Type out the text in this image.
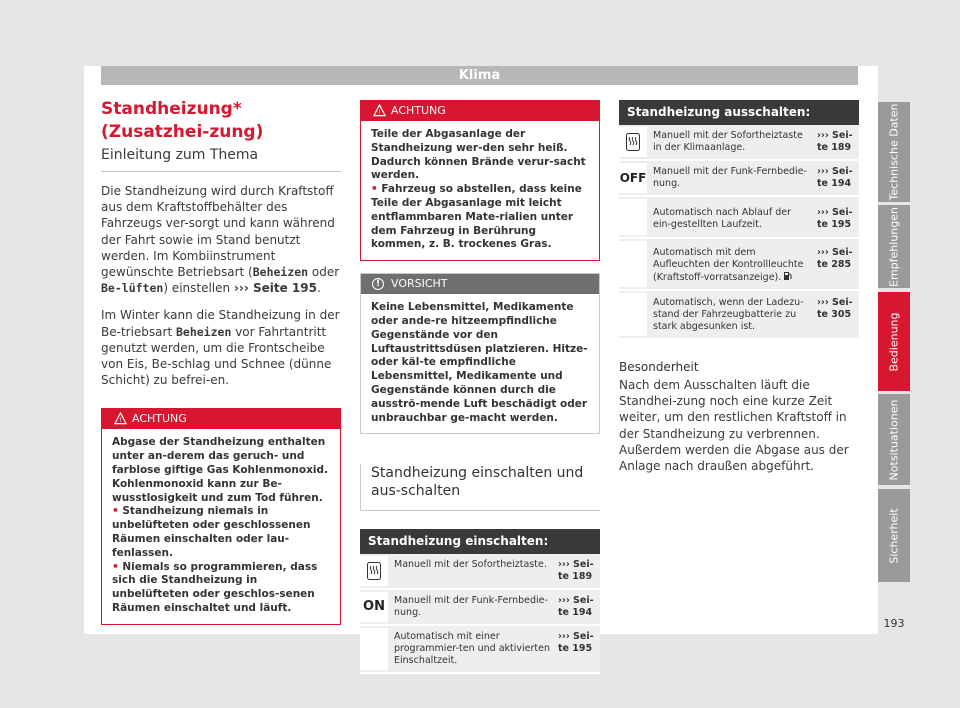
Klima
Standheizung* (Zusatzhei-zung)
Einleitung zum Thema

Die Standheizung wird durch Kraftstoff aus dem Kraftstoffbehälter des Fahrzeugs ver-sorgt und kann während der Fahrt sowie im Stand benutzt werden. Im Kombiinstrument gewünschte Betriebsart (Beheizen oder Be-lüften) einstellen ››› Seite 195.

Im Winter kann die Standheizung in der Be-triebsart Beheizen vor Fahrtantritt genutzt werden, um die Frontscheibe von Eis, Be-schlag und Schnee (dünne Schicht) zu befrei-en.

! ACHTUNG
Abgase der Standheizung enthalten unter an-derem das geruch- und farblose giftige Gas Kohlenmonoxid. Kohlenmonoxid kann zur Be-wusstlosigkeit und zum Tod führen.
• Standheizung niemals in unbelüfteten oder geschlossenen Räumen einschalten oder lau-fenlassen.
• Niemals so programmieren, dass sich die Standheizung in unbelüfteten oder geschlos-senen Räumen einschaltet und läuft.
! ACHTUNG
Teile der Abgasanlage der Standheizung wer-den sehr heiß. Dadurch können Brände verur-sacht werden.
• Fahrzeug so abstellen, dass keine Teile der Abgasanlage mit leicht entflammbaren Mate-rialien unter dem Fahrzeug in Berührung kommen, z. B. trockenes Gras.
! VORSICHT
Keine Lebensmittel, Medikamente oder ande-re hitzeempfindliche Gegenstände vor den Luftaustrittsdüsen platzieren. Hitze- oder käl-te empfindliche Lebensmittel, Medikamente und Gegenstände können durch die ausströ-mende Luft beschädigt oder unbrauchbar ge-macht werden.
Standheizung einschalten und aus-schalten
Standheizung einschalten:
Manuell mit der Sofortheiztaste.	››› Sei-te 189
ON Manuell mit der Funk-Fernbedie-nung.
››› Sei-te 194
Automatisch mit einer programmier-ten und aktivierten Einschaltzeit.
››› Sei-te 195
Standheizung ausschalten:
Manuell mit der Sofortheiztaste in der Klimaanlage.
››› Sei-te 189
OFF Manuell mit der Funk-Fernbedie-nung.
››› Sei-te 194
Automatisch nach Ablauf der ein-gestellten Laufzeit.
››› Sei-te 195
Automatisch mit dem Aufleuchten der Kontrollleuchte (Kraftstoff-vorratsanzeige).
››› Sei-te 285
Automatisch, wenn der Ladezu-stand der Fahrzeugbatterie zu stark abgesunken ist.
››› Sei-te 305
Besonderheit

Nach dem Ausschalten läuft die Standhei-zung noch eine kurze Zeit weiter, um den restlichen Kraftstoff in der Standheizung zu verbrennen. Außerdem werden die Abgase aus der Anlage nach draußen abgeführt.

Technische Daten
Empfehlungen
Bedienung
Notsituationen
Sicherheit
193
